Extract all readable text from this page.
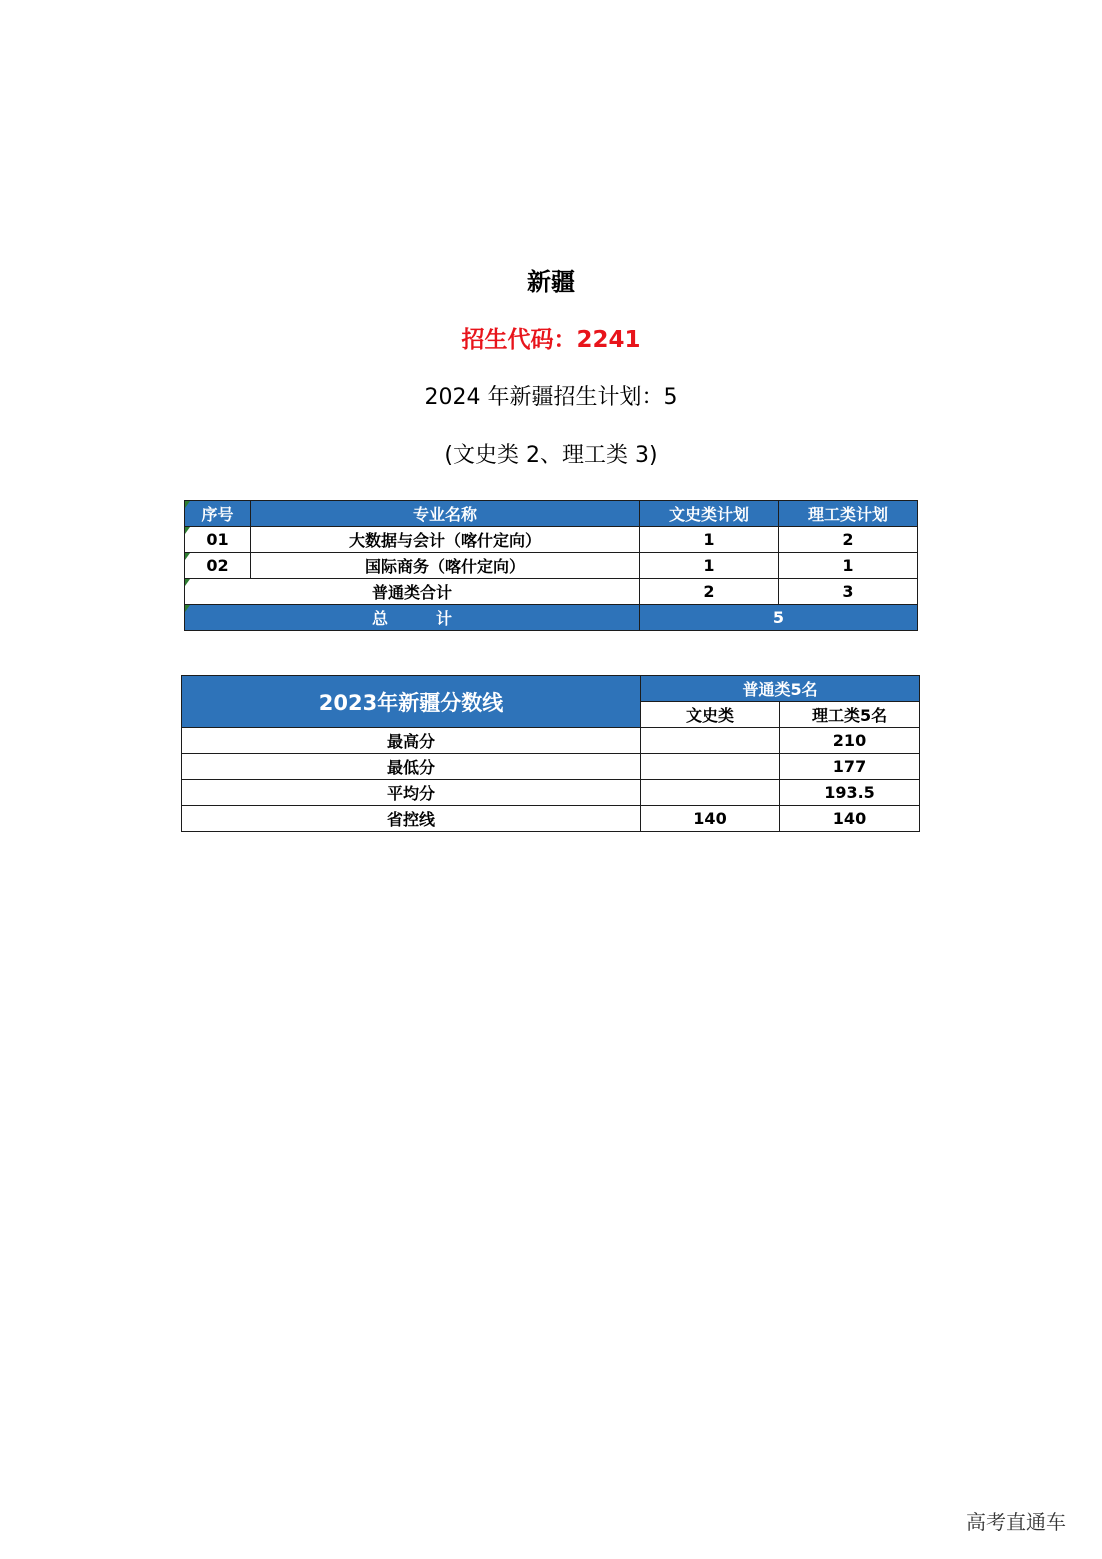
新疆
招生代码：2241
2024 年新疆招生计划：5
(文史类 2、理工类 3)
序号	专业名称	文史类计划	理工类计划
01	大数据与会计（喀什定向）	1	2
02	国际商务（喀什定向）	1	1
普通类合计		2	3
总　　　计		5	
2023年新疆分数线	普通类5名	
	文史类	理工类5名
最高分		210
最低分		177
平均分		193.5
省控线	140	140
高考直通车
